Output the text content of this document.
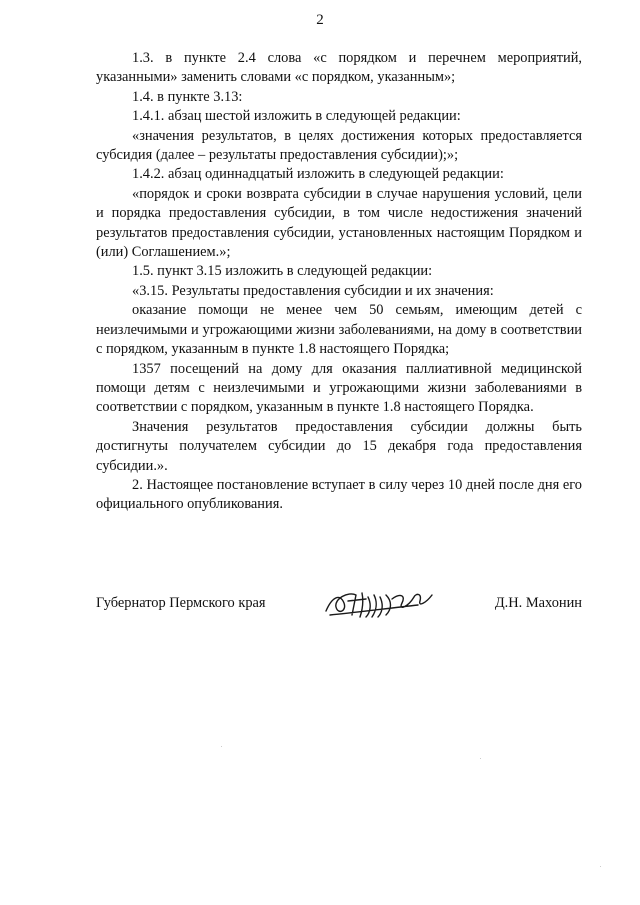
2

1.3. в пункте 2.4 слова «с порядком и перечнем мероприятий, указанными» заменить словами «с порядком, указанным»;

1.4. в пункте 3.13:

1.4.1. абзац шестой изложить в следующей редакции:

«значения результатов, в целях достижения которых предоставляется субсидия (далее – результаты предоставления субсидии);»;

1.4.2. абзац одиннадцатый изложить в следующей редакции:

«порядок и сроки возврата субсидии в случае нарушения условий, цели и порядка предоставления субсидии, в том числе недостижения значений результатов предоставления субсидии, установленных настоящим Порядком и (или) Соглашением.»;

1.5. пункт 3.15 изложить в следующей редакции:

«3.15. Результаты предоставления субсидии и их значения:

оказание помощи не менее чем 50 семьям, имеющим детей с неизлечимыми и угрожающими жизни заболеваниями, на дому в соответствии с порядком, указанным в пункте 1.8 настоящего Порядка;

1357 посещений на дому для оказания паллиативной медицинской помощи детям с неизлечимыми и угрожающими жизни заболеваниями в соответствии с порядком, указанным в пункте 1.8 настоящего Порядка.

Значения результатов предоставления субсидии должны быть достигнуты получателем субсидии до 15 декабря года предоставления субсидии.».

2. Настоящее постановление вступает в силу через 10 дней после дня его официального опубликования.

Губернатор Пермского края	Д.Н. Махонин
